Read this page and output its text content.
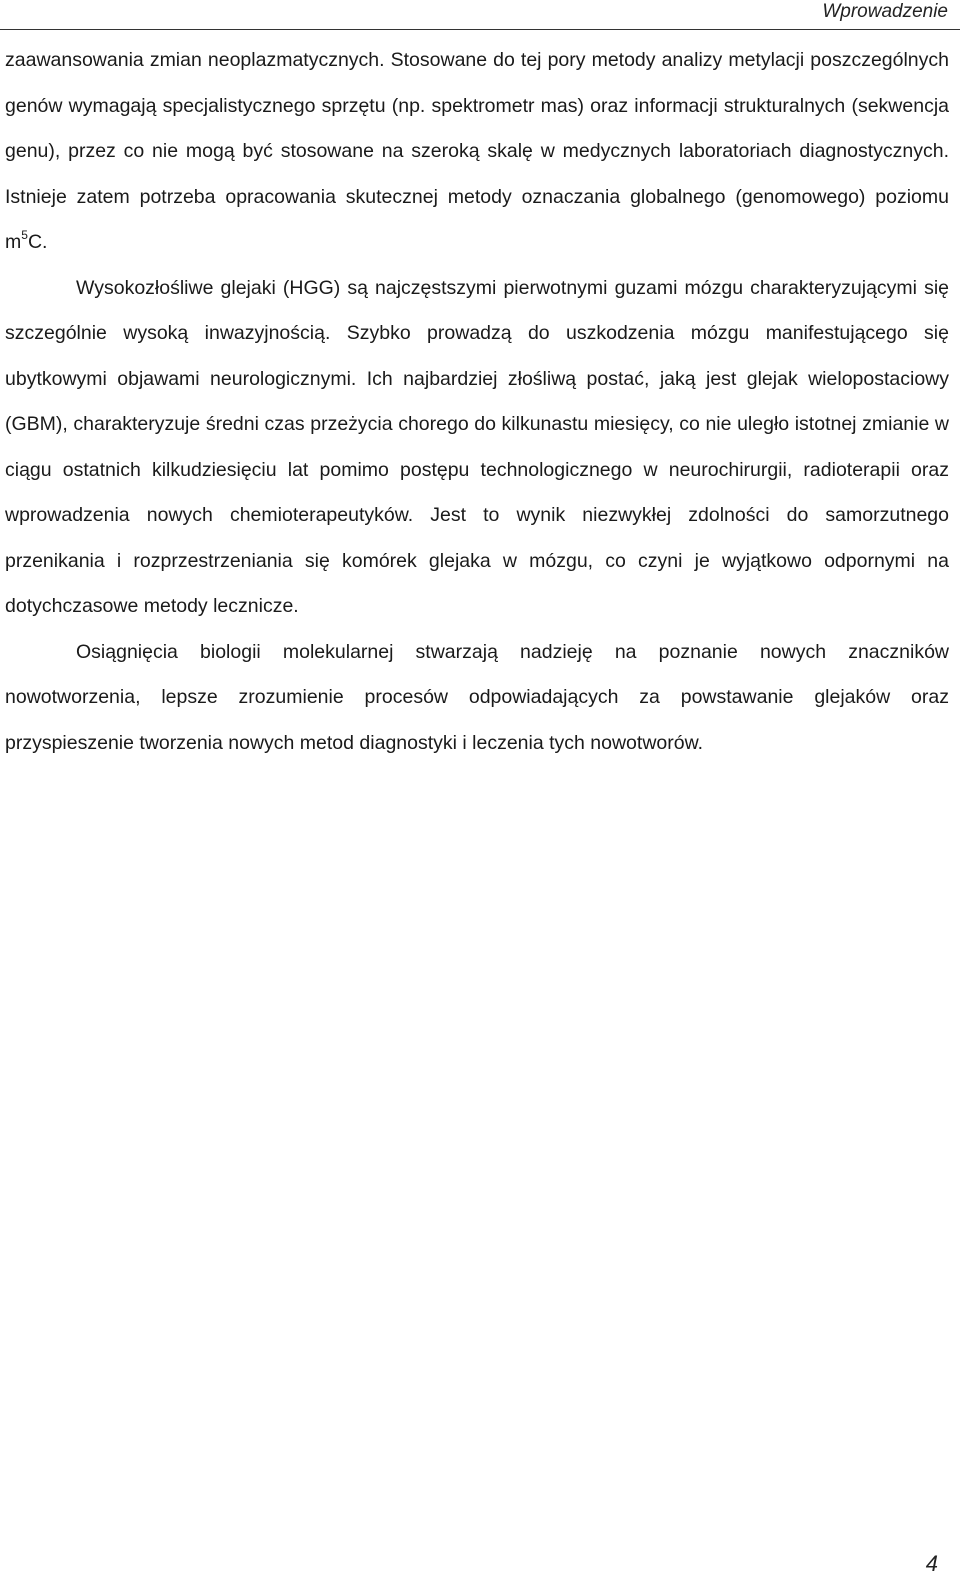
Wprowadzenie

zaawansowania zmian neoplazmatycznych. Stosowane do tej pory metody analizy metylacji poszczególnych genów wymagają specjalistycznego sprzętu (np. spektrometr mas) oraz informacji strukturalnych (sekwencja genu), przez co nie mogą być stosowane na szeroką skalę w medycznych laboratoriach diagnostycznych. Istnieje zatem potrzeba opracowania skutecznej metody oznaczania globalnego (genomowego) poziomu $m^5C$.

Wysokozłośliwe glejaki (HGG) są najczęstszymi pierwotnymi guzami mózgu charakteryzującymi się szczególnie wysoką inwazyjnością. Szybko prowadzą do uszkodzenia mózgu manifestującego się ubytkowymi objawami neurologicznymi. Ich najbardziej złośliwą postać, jaką jest glejak wielopostaciowy (GBM), charakteryzuje średni czas przeżycia chorego do kilkunastu miesięcy, co nie uległo istotnej zmianie w ciągu ostatnich kilkudziesięciu lat pomimo postępu technologicznego w neurochirurgii, radioterapii oraz wprowadzenia nowych chemioterapeutyków. Jest to wynik niezwykłej zdolności do samorzutnego przenikania i rozprzestrzeniania się komórek glejaka w mózgu, co czyni je wyjątkowo odpornymi na dotychczasowe metody lecznicze.

Osiągnięcia biologii molekularnej stwarzają nadzieję na poznanie nowych znaczników nowotworzenia, lepsze zrozumienie procesów odpowiadających za powstawanie glejaków oraz przyspieszenie tworzenia nowych metod diagnostyki i leczenia tych nowotworów.

4
